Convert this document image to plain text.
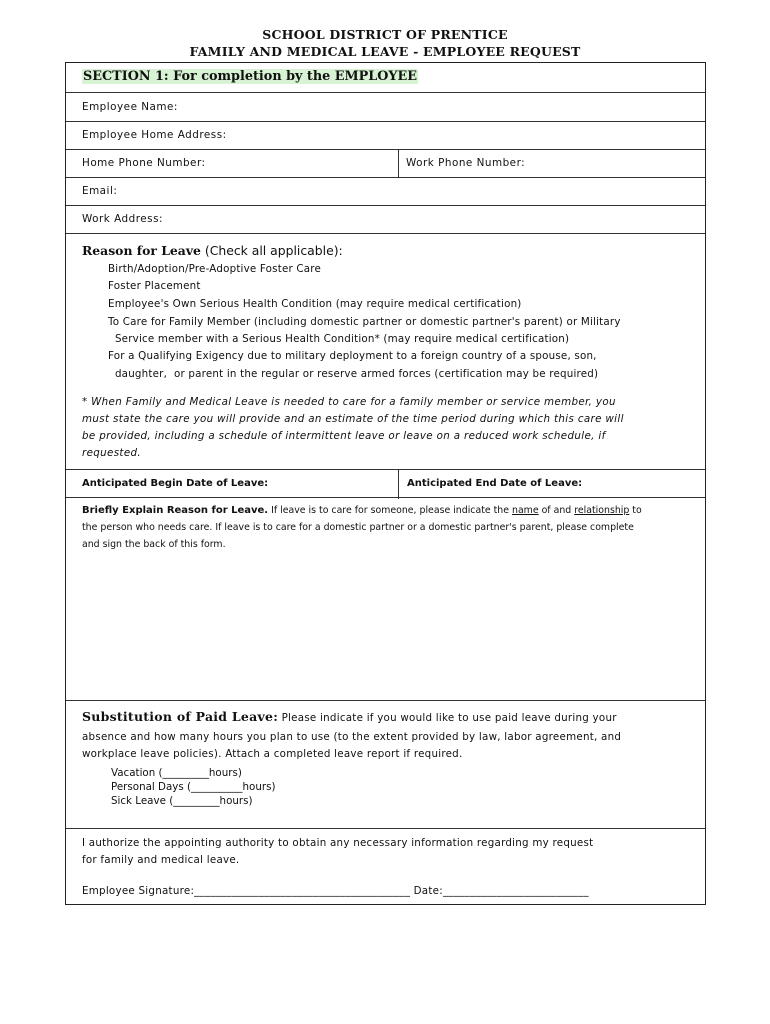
SCHOOL DISTRICT OF PRENTICE
FAMILY AND MEDICAL LEAVE - EMPLOYEE REQUEST
SECTION 1: For completion by the EMPLOYEE
Employee Name:
Employee Home Address:
Home Phone Number:	Work Phone Number:
Email:
Work Address:
Reason for Leave (Check all applicable):
Birth/Adoption/Pre-Adoptive Foster Care
Foster Placement
Employee's Own Serious Health Condition (may require medical certification)
To Care for Family Member (including domestic partner or domestic partner's parent) or Military
Service member with a Serious Health Condition* (may require medical certification)
For a Qualifying Exigency due to military deployment to a foreign country of a spouse, son,
daughter,  or parent in the regular or reserve armed forces (certification may be required)
* When Family and Medical Leave is needed to care for a family member or service member, you
must state the care you will provide and an estimate of the time period during which this care will
be provided, including a schedule of intermittent leave or leave on a reduced work schedule, if
requested.
Anticipated Begin Date of Leave:	Anticipated End Date of Leave:
Briefly Explain Reason for Leave. If leave is to care for someone, please indicate the name of and relationship to
the person who needs care. If leave is to care for a domestic partner or a domestic partner's parent, please complete
and sign the back of this form.
Substitution of Paid Leave: Please indicate if you would like to use paid leave during your
absence and how many hours you plan to use (to the extent provided by law, labor agreement, and
workplace leave policies). Attach a completed leave report if required.
Vacation (_________hours)
Personal Days (__________hours)
Sick Leave (_________hours)
I authorize the appointing authority to obtain any necessary information regarding my request
for family and medical leave.
Employee Signature:________________________________________ Date:___________________________
